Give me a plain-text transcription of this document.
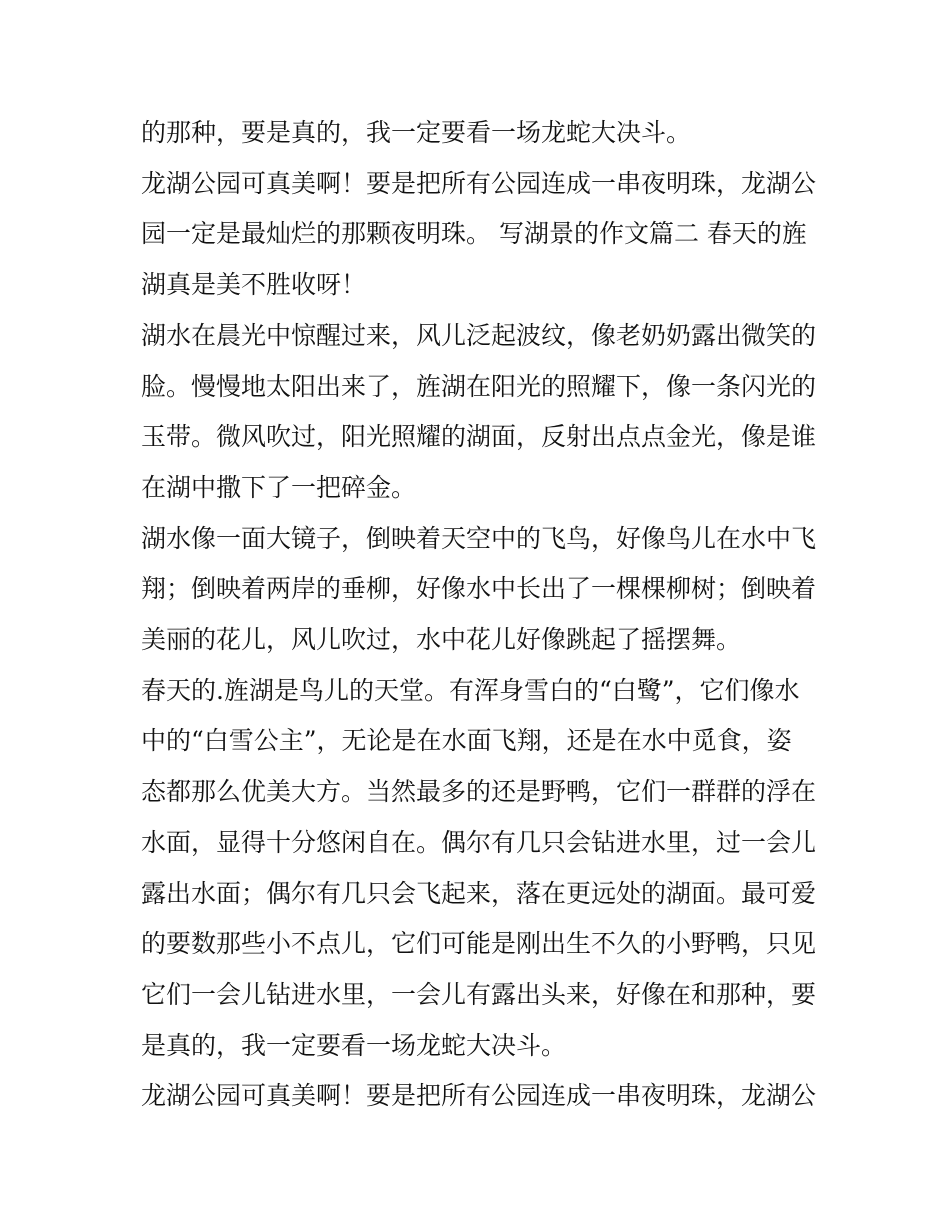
的那种，要是真的，我一定要看一场龙蛇大决斗。

龙湖公园可真美啊！要是把所有公园连成一串夜明珠，龙湖公园一定是最灿烂的那颗夜明珠。 写湖景的作文篇二 春天的旌湖真是美不胜收呀！

湖水在晨光中惊醒过来，风儿泛起波纹，像老奶奶露出微笑的脸。慢慢地太阳出来了，旌湖在阳光的照耀下，像一条闪光的玉带。微风吹过，阳光照耀的湖面，反射出点点金光，像是谁在湖中撒下了一把碎金。

湖水像一面大镜子，倒映着天空中的飞鸟，好像鸟儿在水中飞翔；倒映着两岸的垂柳，好像水中长出了一棵棵柳树；倒映着美丽的花儿，风儿吹过，水中花儿好像跳起了摇摆舞。

春天的.旌湖是鸟儿的天堂。有浑身雪白的“白鹭”，它们像水中的“白雪公主”，无论是在水面飞翔，还是在水中觅食，姿态都那么优美大方。当然最多的还是野鸭，它们一群群的浮在水面，显得十分悠闲自在。偶尔有几只会钻进水里，过一会儿露出水面；偶尔有几只会飞起来，落在更远处的湖面。最可爱的要数那些小不点儿，它们可能是刚出生不久的小野鸭，只见它们一会儿钻进水里，一会儿有露出头来，好像在和那种，要是真的，我一定要看一场龙蛇大决斗。

龙湖公园可真美啊！要是把所有公园连成一串夜明珠，龙湖公
